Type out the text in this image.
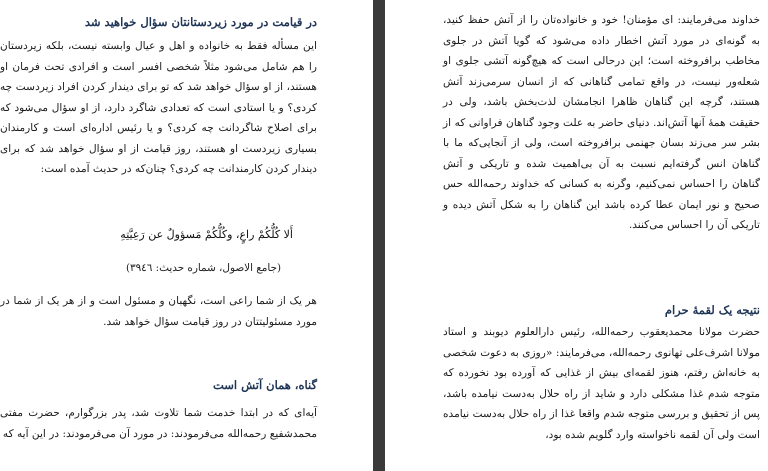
در قیامت در مورد زیردستانتان سؤال خواهید شد

این مسأله فقط به خانواده و اهل و عیال وابسته نیست، بلکه زیردستان را هم شامل می‌شود مثلاً شخصی افسر است و افرادی تحت فرمان او هستند، از او سؤال خواهد شد که تو برای دیندار کردن افراد زیردست چه کردی؟ و یا استادی است که تعدادی شاگرد دارد، از او سؤال می‌شود که برای اصلاح شاگردانت چه کردی؟ و یا رئیس اداره‌ای است و کارمندان بسیاری زیردست او هستند، روز قیامت از او سؤال خواهد شد که برای دیندار کردن کارمندانت چه کردی؟ چنان‌که در حدیث آمده است:

أَلا كُلُّكُمْ راعٍ، وكُلُّكُمْ مَسؤولٌ عن رَعِيَّتِهِ
(جامع الاصول، شماره حدیث: ٣٩٤٦)

هر یک از شما راعی است، نگهبان و مسئول است و از هر یک از شما در مورد مسئولیتتان در روز قیامت سؤال خواهد شد.

گناه، همان آتش است

آیه‌ای که در ابتدا خدمت شما تلاوت شد، پدر بزرگوارم، حضرت مفتی محمدشفیع رحمه‌الله می‌فرمودند: در مورد آن می‌فرمودند: در این آیه که

خداوند می‌فرمایند: ای مؤمنان! خود و خانواده‌تان را از آتش حفظ کنید، به گونه‌ای در مورد آتش اخطار داده می‌شود که گویا آتش در جلوی مخاطب برافروخته است؛ این درحالی است که هیچ‌گونه آتشی جلوی او شعله‌ور نیست، در واقع تمامی گناهانی که از انسان سرمی‌زند آتش هستند، گرچه این گناهان ظاهرا انجامشان لذت‌بخش باشد، ولی در حقیقت همهٔ آنها آتش‌اند. دنیای حاضر به علت وجود گناهان فراوانی که از بشر سر می‌زند بسان جهنمی برافروخته است، ولی از آنجایی‌که ما با گناهان انس گرفته‌ایم نسبت به آن بی‌اهمیت شده و تاریکی و آتش گناهان را احساس نمی‌کنیم، و‌گرنه به کسانی که خداوند رحمه‌الله حس صحیح و نور ایمان عطا کرده باشد این گناهان را به شکل آتش دیده و تاریکی آن را احساس می‌کنند.

نتیجه یک لقمهٔ حرام

حضرت مولانا محمدیعقوب رحمه‌الله، رئیس دارالعلوم دیوبند و استاد مولانا اشرف‌علی تهانوی رحمه‌الله، می‌فرمایند: «روزی به دعوت شخصی به خانه‌اش رفتم، هنوز لقمه‌ای بیش از غذایی که آورده بود نخورده که متوجه شدم غذا مشکلی دارد و شاید از راه حلال به‌دست نیامده باشد، پس از تحقیق و بررسی متوجه شدم واقعا غذا از راه حلال به‌دست نیامده است ولی آن لقمه ناخواسته وارد گلویم شده بود،
